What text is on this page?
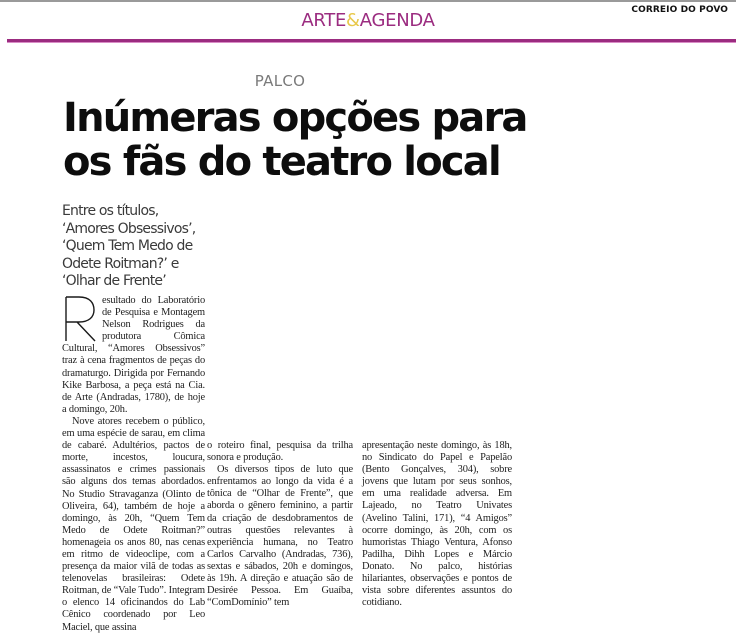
CORREIO DO POVO
ARTE&AGENDA
PALCO
Inúmeras opções para
os fãs do teatro local
Entre os títulos,
‘Amores Obsessivos’,
‘Quem Tem Medo de
Odete Roitman?’ e
‘Olhar de Frente’

esultado do Laboratório de Pesquisa e Montagem Nelson Rodrigues da produtora Cômica Cultural, “Amores Obsessivos” traz à cena fragmentos de peças do dramaturgo. Dirigida por Fernando Kike Barbosa, a peça está na Cia. de Arte (Andradas, 1780), de hoje a domingo, 20h.

Nove atores recebem o público, em uma espécie de sarau, em clima de cabaré. Adultérios, pactos de morte, incestos, loucura, assassinatos e crimes passionais são alguns dos temas abordados. No Studio Stravaganza (Olinto de Oliveira, 64), também de hoje a domingo, às 20h, “Quem Tem Medo de Odete Roitman?” homenageia os anos 80, nas cenas em ritmo de videoclipe, com a presença da maior vilã de todas as telenovelas brasileiras: Odete Roitman, de “Vale Tudo”. Integram o elenco 14 oficinandos do Lab Cênico coordenado por Leo Maciel, que assina

o roteiro final, pesquisa da trilha sonora e produção.

Os diversos tipos de luto que enfrentamos ao longo da vida é a tônica de “Olhar de Frente”, que aborda o gênero feminino, a partir da criação de desdobramentos de outras questões relevantes à experiência humana, no Teatro Carlos Carvalho (Andradas, 736), sextas e sábados, 20h e domingos, às 19h. A direção e atuação são de Desirée Pessoa. Em Guaíba, “ComDomínio” tem

apresentação neste domingo, às 18h, no Sindicato do Papel e Papelão (Bento Gonçalves, 304), sobre jovens que lutam por seus sonhos, em uma realidade adversa. Em Lajeado, no Teatro Univates (Avelino Talini, 171), “4 Amigos” ocorre domingo, às 20h, com os humoristas Thiago Ventura, Afonso Padilha, Dihh Lopes e Márcio Donato. No palco, histórias hilariantes, observações e pontos de vista sobre diferentes assuntos do cotidiano.
